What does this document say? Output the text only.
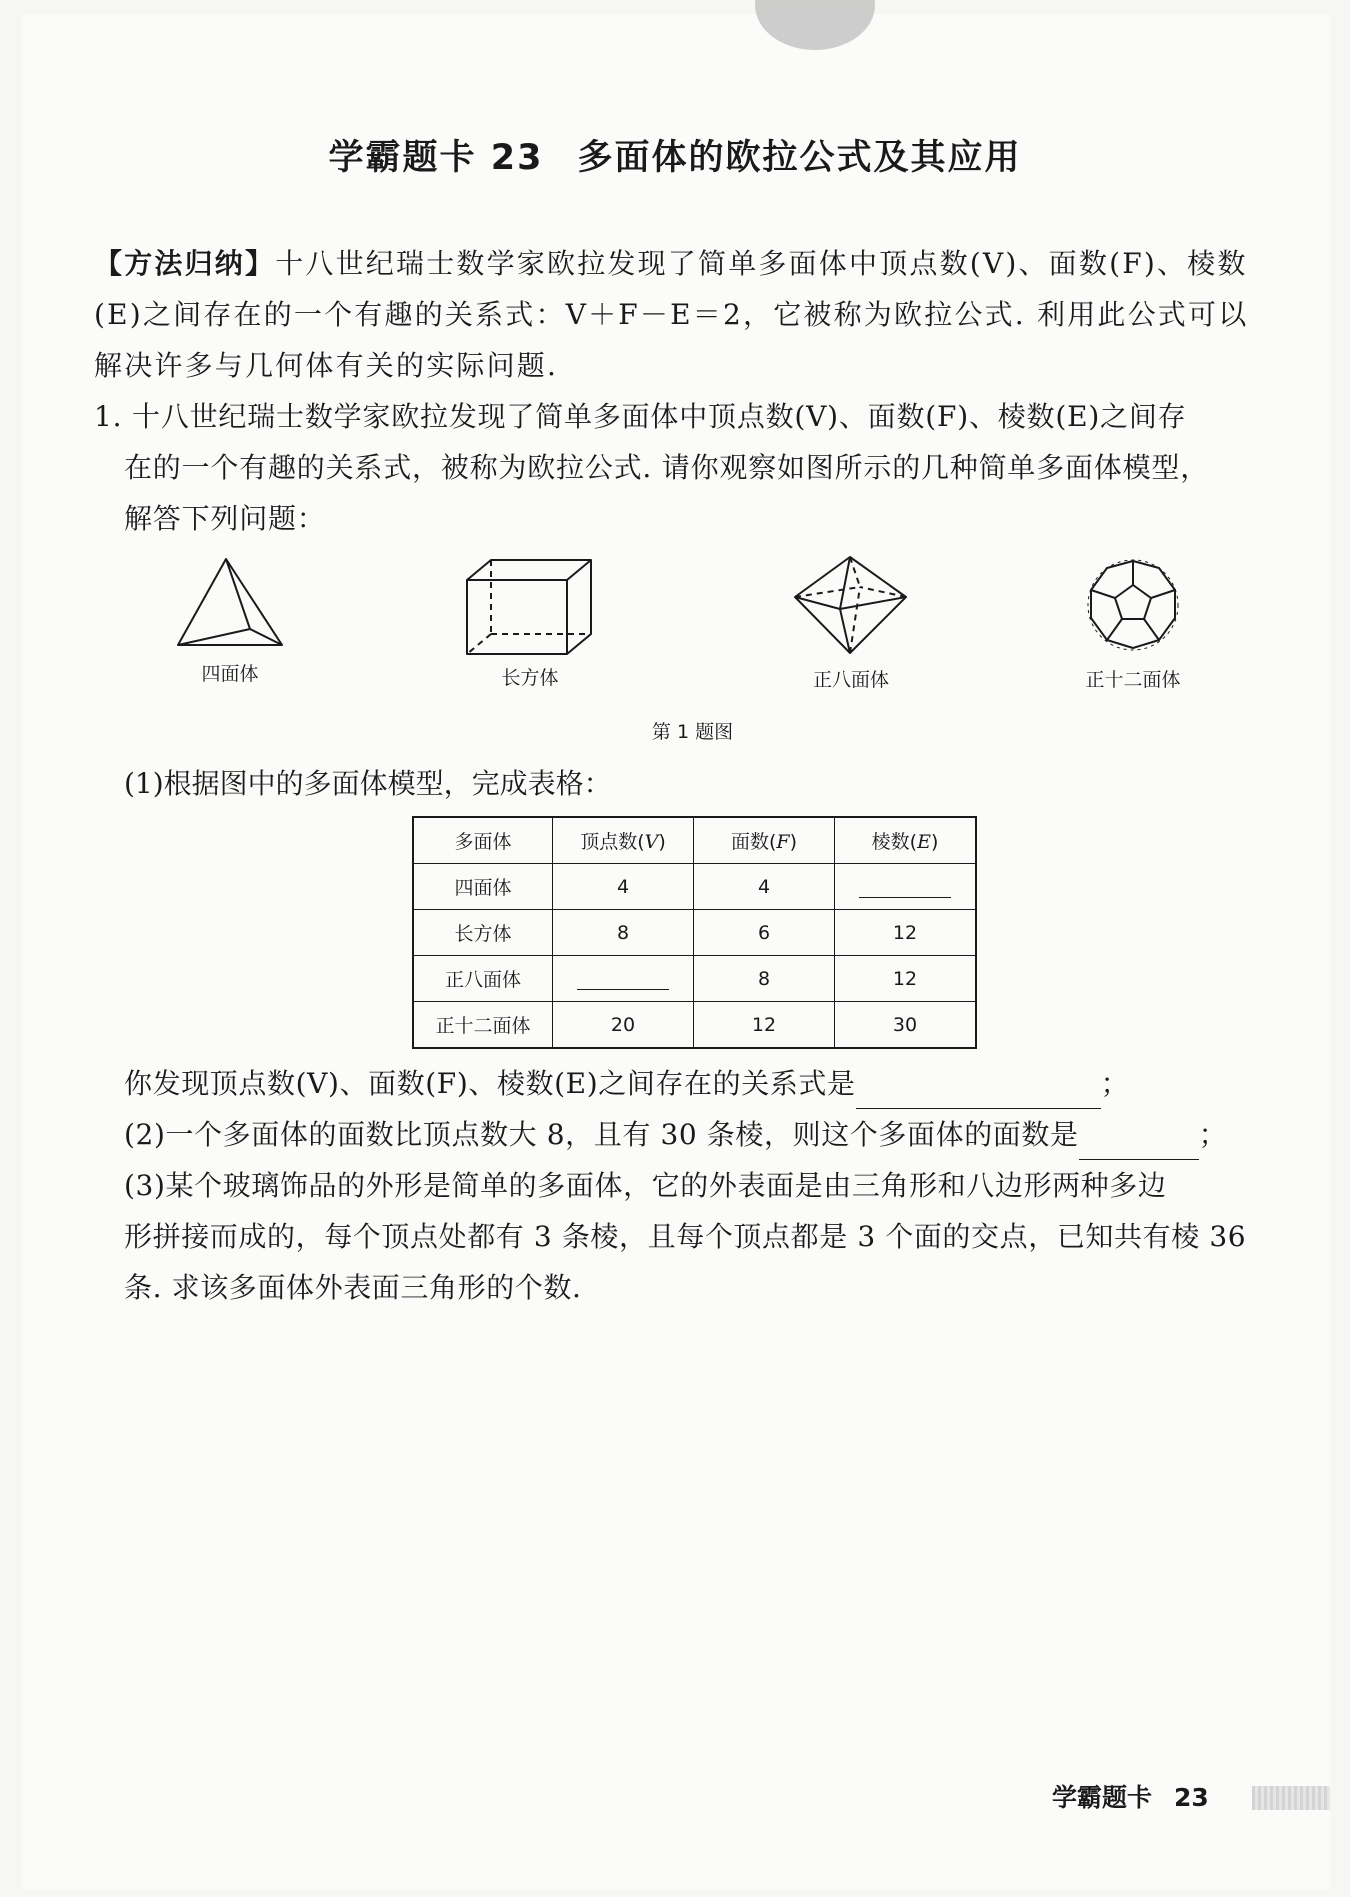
学霸题卡 23 多面体的欧拉公式及其应用
【方法归纳】十八世纪瑞士数学家欧拉发现了简单多面体中顶点数(V)、面数(F)、棱数
(E)之间存在的一个有趣的关系式：V＋F－E＝2，它被称为欧拉公式. 利用此公式可以
解决许多与几何体有关的实际问题.
1. 十八世纪瑞士数学家欧拉发现了简单多面体中顶点数(V)、面数(F)、棱数(E)之间存
在的一个有趣的关系式，被称为欧拉公式. 请你观察如图所示的几种简单多面体模型，
解答下列问题：
四面体	长方体	正八面体	正十二面体
第 1 题图
(1)根据图中的多面体模型，完成表格：
多面体	顶点数(V)	面数(F)	棱数(E)
四面体	4	4	
长方体	8	6	12
正八面体		8	12
正十二面体	20	12	30
你发现顶点数(V)、面数(F)、棱数(E)之间存在的关系式是	；
(2)一个多面体的面数比顶点数大 8，且有 30 条棱，则这个多面体的面数是	；
(3)某个玻璃饰品的外形是简单的多面体，它的外表面是由三角形和八边形两种多边
形拼接而成的，每个顶点处都有 3 条棱，且每个顶点都是 3 个面的交点，已知共有棱 36
条. 求该多面体外表面三角形的个数.
学霸题卡 23
